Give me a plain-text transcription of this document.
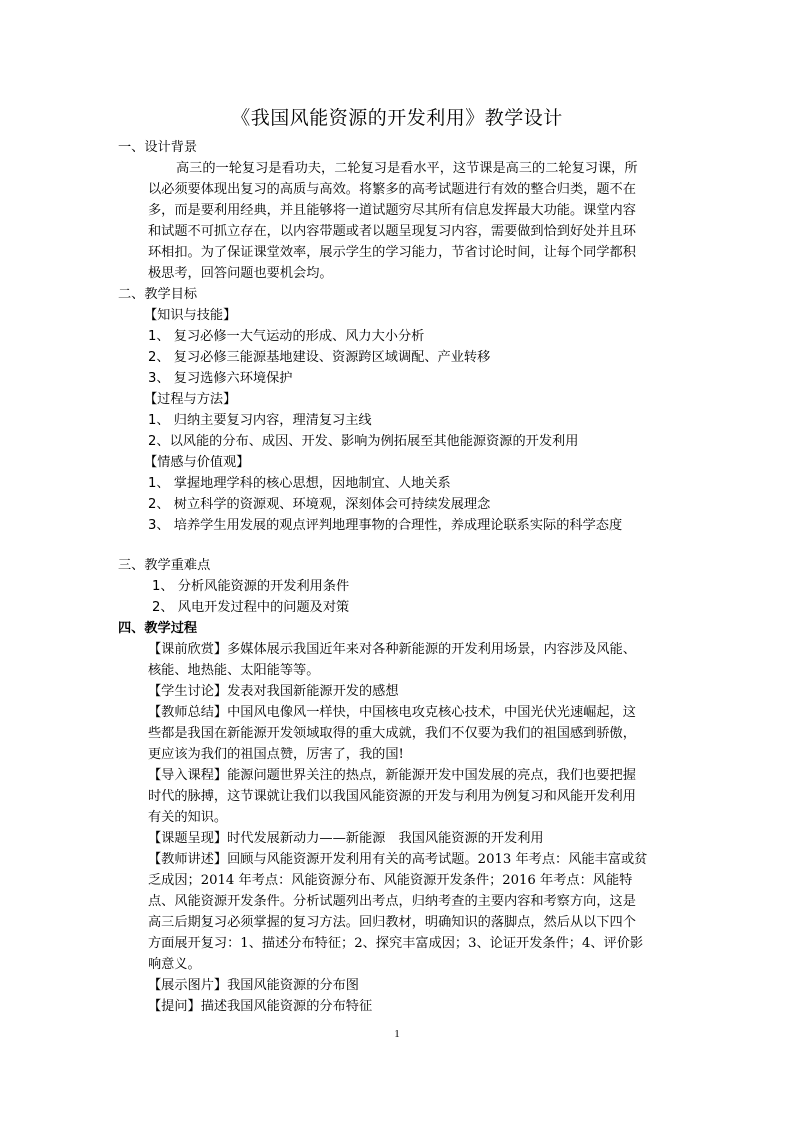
《我国风能资源的开发利用》教学设计
一、设计背景
高三的一轮复习是看功夫，二轮复习是看水平，这节课是高三的二轮复习课，所
以必须要体现出复习的高质与高效。将繁多的高考试题进行有效的整合归类，题不在
多，而是要利用经典，并且能够将一道试题穷尽其所有信息发挥最大功能。课堂内容
和试题不可抓立存在，以内容带题或者以题呈现复习内容，需要做到恰到好处并且环
环相扣。为了保证课堂效率，展示学生的学习能力，节省讨论时间，让每个同学都积
极思考，回答问题也要机会均。
二、教学目标
【知识与技能】
1、 复习必修一大气运动的形成、风力大小分析
2、 复习必修三能源基地建设、资源跨区域调配、产业转移
3、 复习选修六环境保护
【过程与方法】
1、 归纳主要复习内容，理清复习主线
2、以风能的分布、成因、开发、影响为例拓展至其他能源资源的开发利用
【情感与价值观】
1、 掌握地理学科的核心思想，因地制宜、人地关系
2、 树立科学的资源观、环境观，深刻体会可持续发展理念
3、 培养学生用发展的观点评判地理事物的合理性，养成理论联系实际的科学态度
三、教学重难点
1、 分析风能资源的开发利用条件
2、 风电开发过程中的问题及对策
四、教学过程
【课前欣赏】多媒体展示我国近年来对各种新能源的开发利用场景，内容涉及风能、
核能、地热能、太阳能等等。
【学生讨论】发表对我国新能源开发的感想
【教师总结】中国风电像风一样快，中国核电攻克核心技术，中国光伏光速崛起，这
些都是我国在新能源开发领域取得的重大成就，我们不仅要为我们的祖国感到骄傲，
更应该为我们的祖国点赞，厉害了，我的国!
【导入课程】能源问题世界关注的热点，新能源开发中国发展的亮点，我们也要把握
时代的脉搏，这节课就让我们以我国风能资源的开发与利用为例复习和风能开发利用
有关的知识。
【课题呈现】时代发展新动力——新能源　我国风能资源的开发利用
【教师讲述】回顾与风能资源开发利用有关的高考试题。2013 年考点：风能丰富或贫
乏成因；2014 年考点：风能资源分布、风能资源开发条件；2016 年考点：风能特
点、风能资源开发条件。分析试题列出考点，归纳考查的主要内容和考察方向，这是
高三后期复习必须掌握的复习方法。回归教材，明确知识的落脚点，然后从以下四个
方面展开复习：1、描述分布特征；2、探究丰富成因；3、论证开发条件；4、评价影
响意义。
【展示图片】我国风能资源的分布图
【提问】描述我国风能资源的分布特征
1
